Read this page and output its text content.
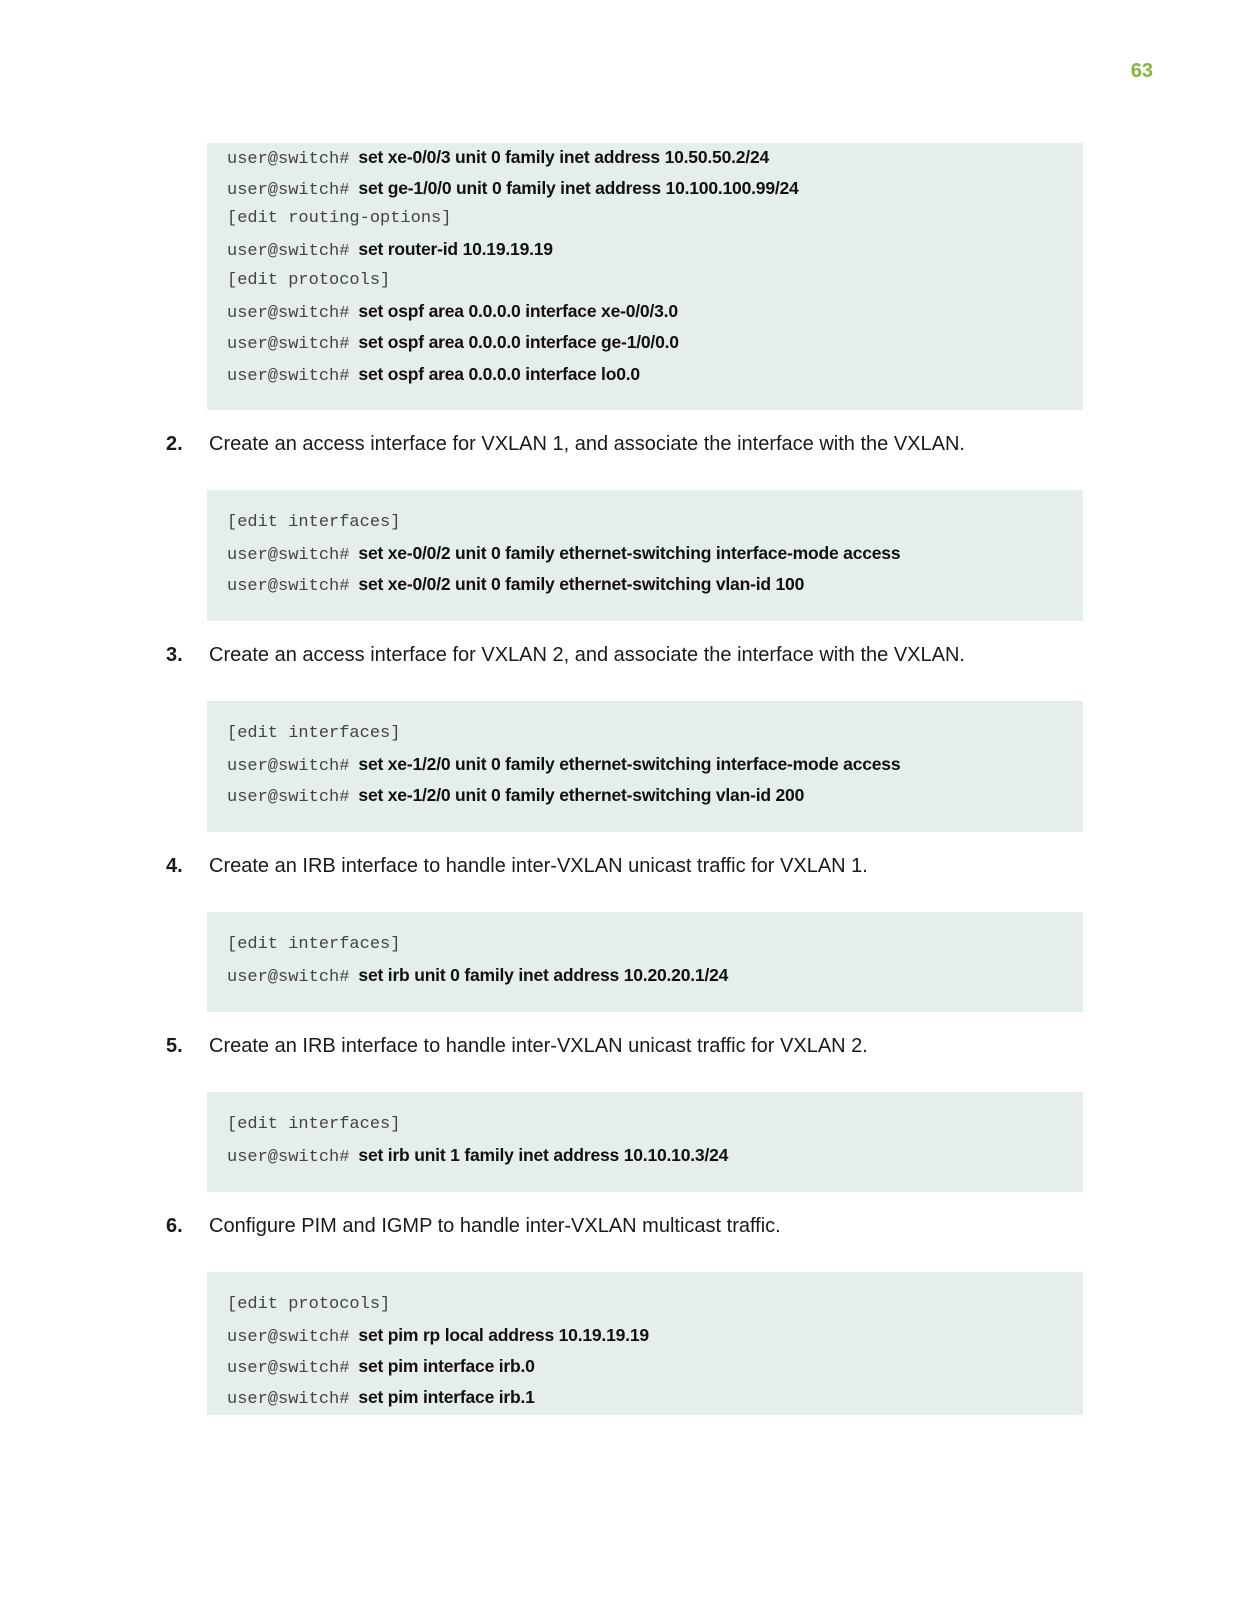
63
user@switch# set xe-0/0/3 unit 0 family inet address 10.50.50.2/24
user@switch# set ge-1/0/0 unit 0 family inet address 10.100.100.99/24
[edit routing-options]
user@switch# set router-id 10.19.19.19
[edit protocols]
user@switch# set ospf area 0.0.0.0 interface xe-0/0/3.0
user@switch# set ospf area 0.0.0.0 interface ge-1/0/0.0
user@switch# set ospf area 0.0.0.0 interface lo0.0
2. Create an access interface for VXLAN 1, and associate the interface with the VXLAN.
[edit interfaces]
user@switch# set xe-0/0/2 unit 0 family ethernet-switching interface-mode access
user@switch# set xe-0/0/2 unit 0 family ethernet-switching vlan-id 100
3. Create an access interface for VXLAN 2, and associate the interface with the VXLAN.
[edit interfaces]
user@switch# set xe-1/2/0 unit 0 family ethernet-switching interface-mode access
user@switch# set xe-1/2/0 unit 0 family ethernet-switching vlan-id 200
4. Create an IRB interface to handle inter-VXLAN unicast traffic for VXLAN 1.
[edit interfaces]
user@switch# set irb unit 0 family inet address 10.20.20.1/24
5. Create an IRB interface to handle inter-VXLAN unicast traffic for VXLAN 2.
[edit interfaces]
user@switch# set irb unit 1 family inet address 10.10.10.3/24
6. Configure PIM and IGMP to handle inter-VXLAN multicast traffic.
[edit protocols]
user@switch# set pim rp local address 10.19.19.19
user@switch# set pim interface irb.0
user@switch# set pim interface irb.1
